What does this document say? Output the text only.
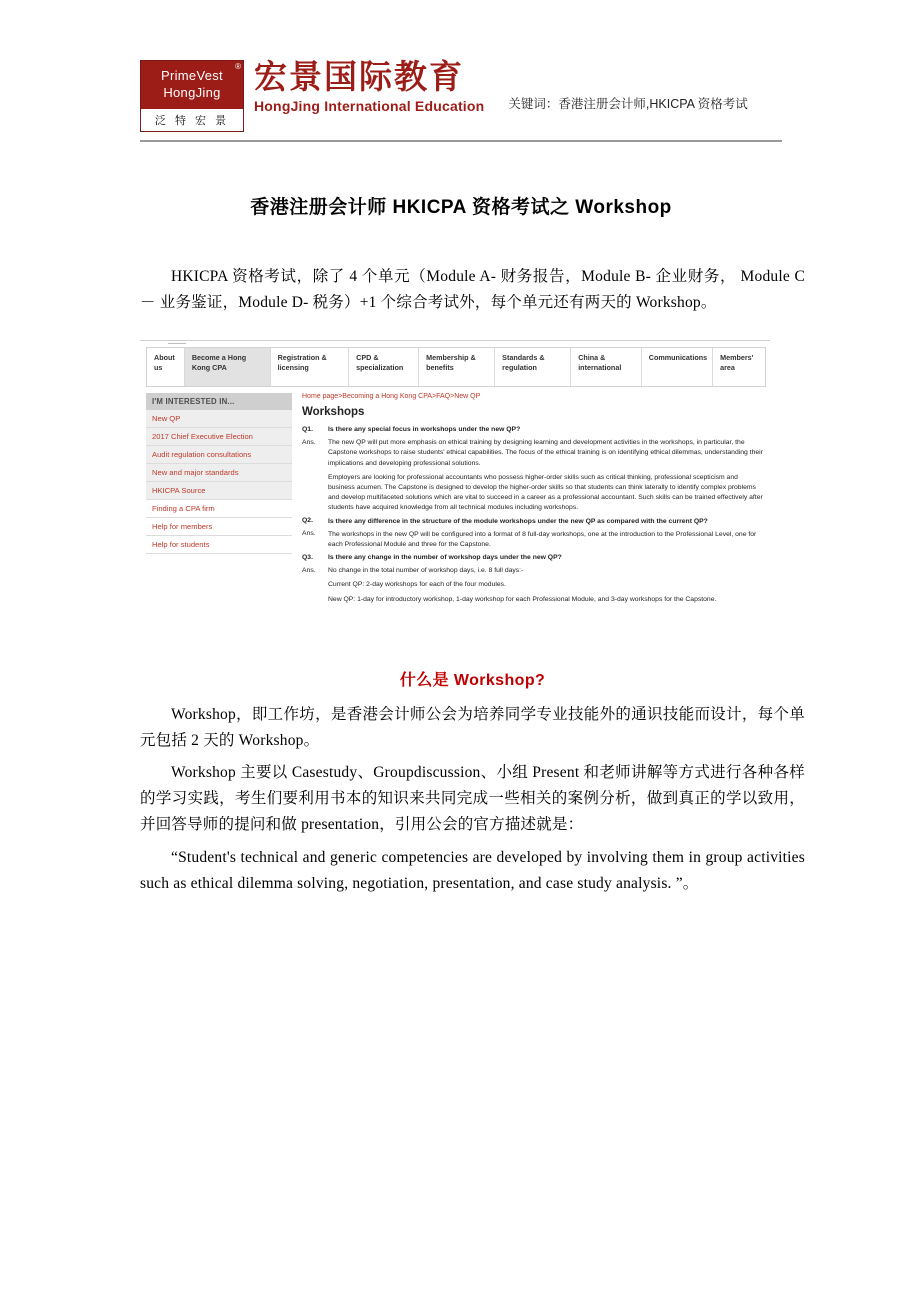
®
PrimeVest
HongJing
泛 特 宏 景
宏景国际教育
HongJing International Education 关键词：香港注册会计师,HKICPA 资格考试
香港注册会计师 HKICPA 资格考试之 Workshop
HKICPA 资格考试，除了 4 个单元（Module A- 财务报告，Module B- 企业财务， Module C － 业务鉴证，Module D- 税务）+1 个综合考试外，每个单元还有两天的 Workshop。
About us
Become a Hong Kong CPA
Registration & licensing
CPD & specialization
Membership & benefits
Standards & regulation
China & international
Communications	Members' area
I'M INTERESTED IN...
New QP
2017 Chief Executive Election
Audit regulation consultations
New and major standards
HKICPA Source
Finding a CPA firm
Help for members
Help for students
Home page>Becoming a Hong Kong CPA>FAQ>New QP
Workshops
Q1.	Is there any special focus in workshops under the new QP?
Ans.	The new QP will put more emphasis on ethical training by designing learning and development activities in the workshops, in particular, the Capstone workshops to raise students' ethical capabilities. The focus of the ethical training is on identifying ethical dilemmas, understanding their implications and developing professional solutions.

Employers are looking for professional accountants who possess higher-order skills such as critical thinking, professional scepticism and business acumen. The Capstone is designed to develop the higher-order skills so that students can think laterally to identify complex problems and develop multifaceted solutions which are vital to succeed in a career as a professional accountant. Such skills can be trained effectively after students have acquired knowledge from all technical modules including workshops.

Q2.	Is there any difference in the structure of the module workshops under the new QP as compared with the current QP?
Ans.	The workshops in the new QP will be configured into a format of 8 full-day workshops, one at the introduction to the Professional Level, one for each Professional Module and three for the Capstone.

Q3.	Is there any change in the number of workshop days under the new QP?
Ans.	No change in the total number of workshop days, i.e. 8 full days:-

Current QP: 2-day workshops for each of the four modules.

New QP: 1-day for introductory workshop, 1-day workshop for each Professional Module, and 3-day workshops for the Capstone.

什么是 Workshop?
Workshop，即工作坊，是香港会计师公会为培养同学专业技能外的通识技能而设计，每个单元包括 2 天的 Workshop。
Workshop 主要以 Casestudy、Groupdiscussion、小组 Present 和老师讲解等方式进行各种各样的学习实践，考生们要利用书本的知识来共同完成一些相关的案例分析，做到真正的学以致用，并回答导师的提问和做 presentation，引用公会的官方描述就是：
“Student's technical and generic competencies are developed by involving them in group activities such as ethical dilemma solving, negotiation, presentation, and case study analysis. ”。
